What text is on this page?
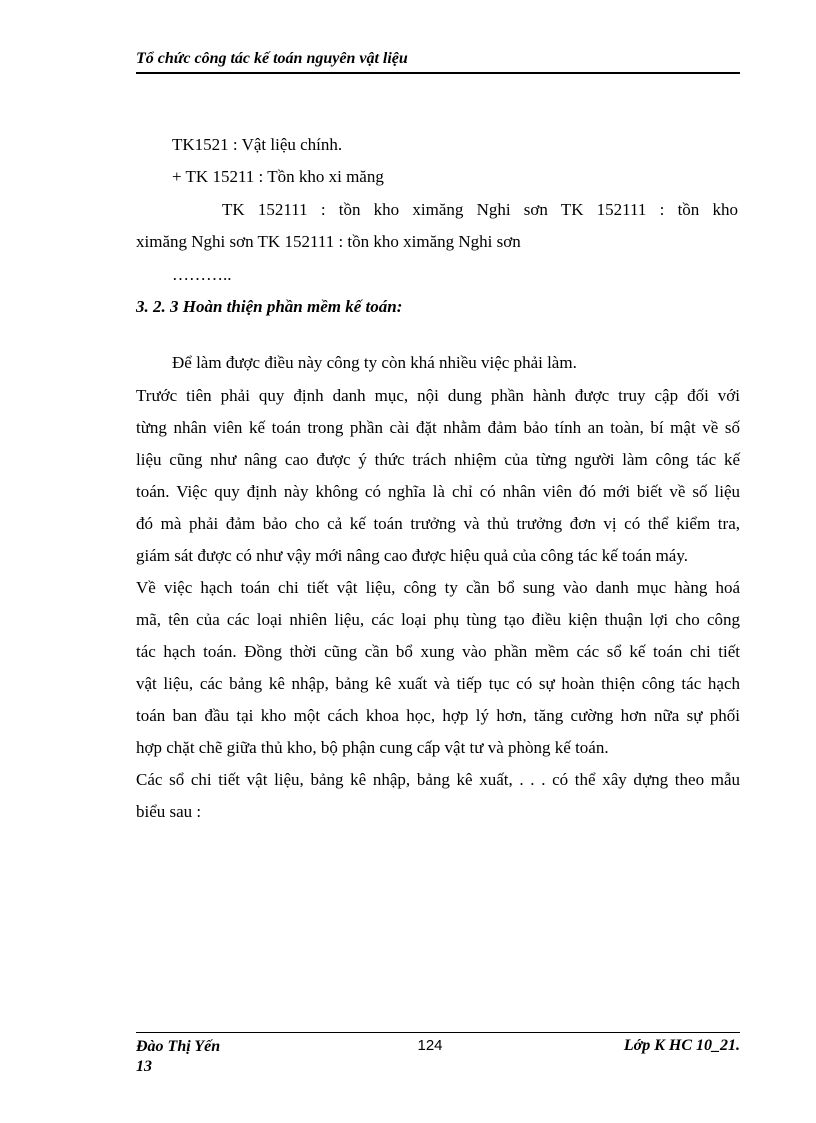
Tổ chức công tác kế toán nguyên vật liệu
TK1521 : Vật liệu chính.
+ TK 15211 : Tồn kho xi măng
TK 152111 : tồn kho ximăng Nghi sơn TK 152111 : tồn kho
ximăng Nghi sơn TK 152111 : tồn kho ximăng Nghi sơn
………..
3. 2. 3 Hoàn thiện phần mềm kế toán:
Để làm được điều này công ty còn khá nhiều việc phải làm.
Trước tiên phải quy định danh mục, nội dung phần hành được truy cập đối với
từng nhân viên kế toán trong phần cài đặt nhằm đảm bảo tính an toàn, bí mật về số
liệu cũng như nâng cao được ý thức trách nhiệm của từng người làm công tác kế
toán. Việc quy định này không có nghĩa là chỉ có nhân viên đó mới biết về số liệu
đó mà phải đảm bảo cho cả kế toán trưởng và thủ trưởng đơn vị có thể kiểm tra,
giám sát được có như vậy mới nâng cao được hiệu quả của công tác kế toán máy.
Về việc hạch toán chi tiết vật liệu, công ty cần bổ sung vào danh mục hàng hoá
mã, tên của các loại nhiên liệu, các loại phụ tùng tạo điều kiện thuận lợi cho công
tác hạch toán. Đồng thời cũng cần bổ xung vào phần mềm các sổ kế toán chi tiết
vật liệu, các bảng kê nhập, bảng kê xuất và tiếp tục có sự hoàn thiện công tác hạch
toán ban đầu tại kho một cách khoa học, hợp lý hơn, tăng cường hơn nữa sự phối
hợp chặt chẽ giữa thủ kho, bộ phận cung cấp vật tư và phòng kế toán.
Các sổ chi tiết vật liệu, bảng kê nhập, bảng kê xuất, . . . có thể xây dựng theo mẫu
biểu sau :
Đào Thị Yến
13
124	Lớp K HC 10_21.
